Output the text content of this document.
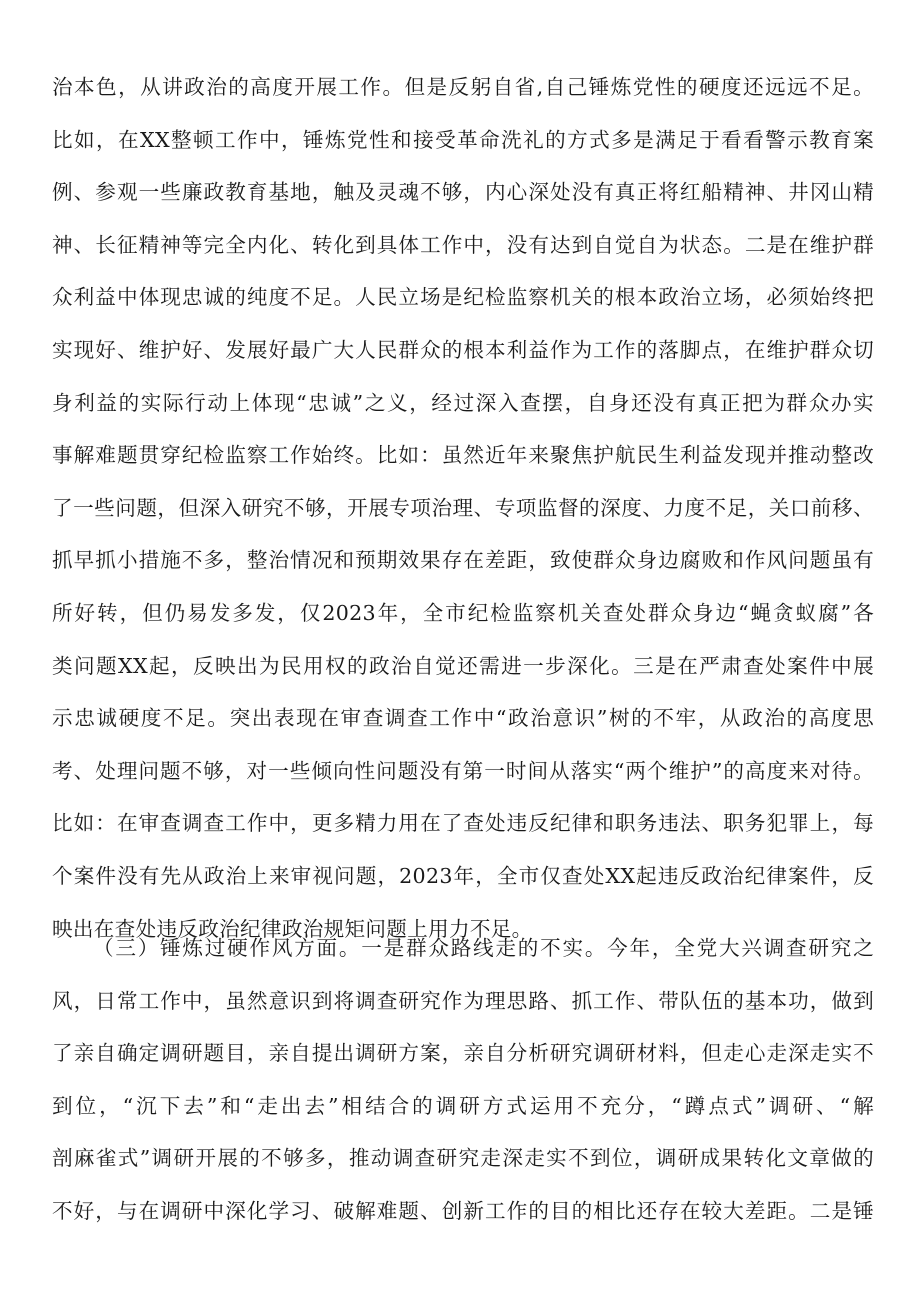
治本色，从讲政治的高度开展工作。但是反躬自省,自己锤炼党性的硬度还远远不足。
比如，在XX整顿工作中，锤炼党性和接受革命洗礼的方式多是满足于看看警示教育案
例、参观一些廉政教育基地，触及灵魂不够，内心深处没有真正将红船精神、井冈山精
神、长征精神等完全内化、转化到具体工作中，没有达到自觉自为状态。二是在维护群
众利益中体现忠诚的纯度不足。人民立场是纪检监察机关的根本政治立场，必须始终把
实现好、维护好、发展好最广大人民群众的根本利益作为工作的落脚点，在维护群众切
身利益的实际行动上体现“忠诚”之义，经过深入查摆，自身还没有真正把为群众办实
事解难题贯穿纪检监察工作始终。比如：虽然近年来聚焦护航民生利益发现并推动整改
了一些问题，但深入研究不够，开展专项治理、专项监督的深度、力度不足，关口前移、
抓早抓小措施不多，整治情况和预期效果存在差距，致使群众身边腐败和作风问题虽有
所好转，但仍易发多发，仅2023年，全市纪检监察机关查处群众身边“蝇贪蚁腐”各
类问题XX起，反映出为民用权的政治自觉还需进一步深化。三是在严肃查处案件中展
示忠诚硬度不足。突出表现在审查调查工作中“政治意识”树的不牢，从政治的高度思
考、处理问题不够，对一些倾向性问题没有第一时间从落实“两个维护”的高度来对待。
比如：在审查调查工作中，更多精力用在了查处违反纪律和职务违法、职务犯罪上，每
个案件没有先从政治上来审视问题，2023年，全市仅查处XX起违反政治纪律案件，反
映出在查处违反政治纪律政治规矩问题上用力不足。
（三）锤炼过硬作风方面。一是群众路线走的不实。今年，全党大兴调查研究之
风，日常工作中，虽然意识到将调查研究作为理思路、抓工作、带队伍的基本功，做到
了亲自确定调研题目，亲自提出调研方案，亲自分析研究调研材料，但走心走深走实不
到位，“沉下去”和“走出去”相结合的调研方式运用不充分，“蹲点式”调研、“解
剖麻雀式”调研开展的不够多，推动调查研究走深走实不到位，调研成果转化文章做的
不好，与在调研中深化学习、破解难题、创新工作的目的相比还存在较大差距。二是锤
